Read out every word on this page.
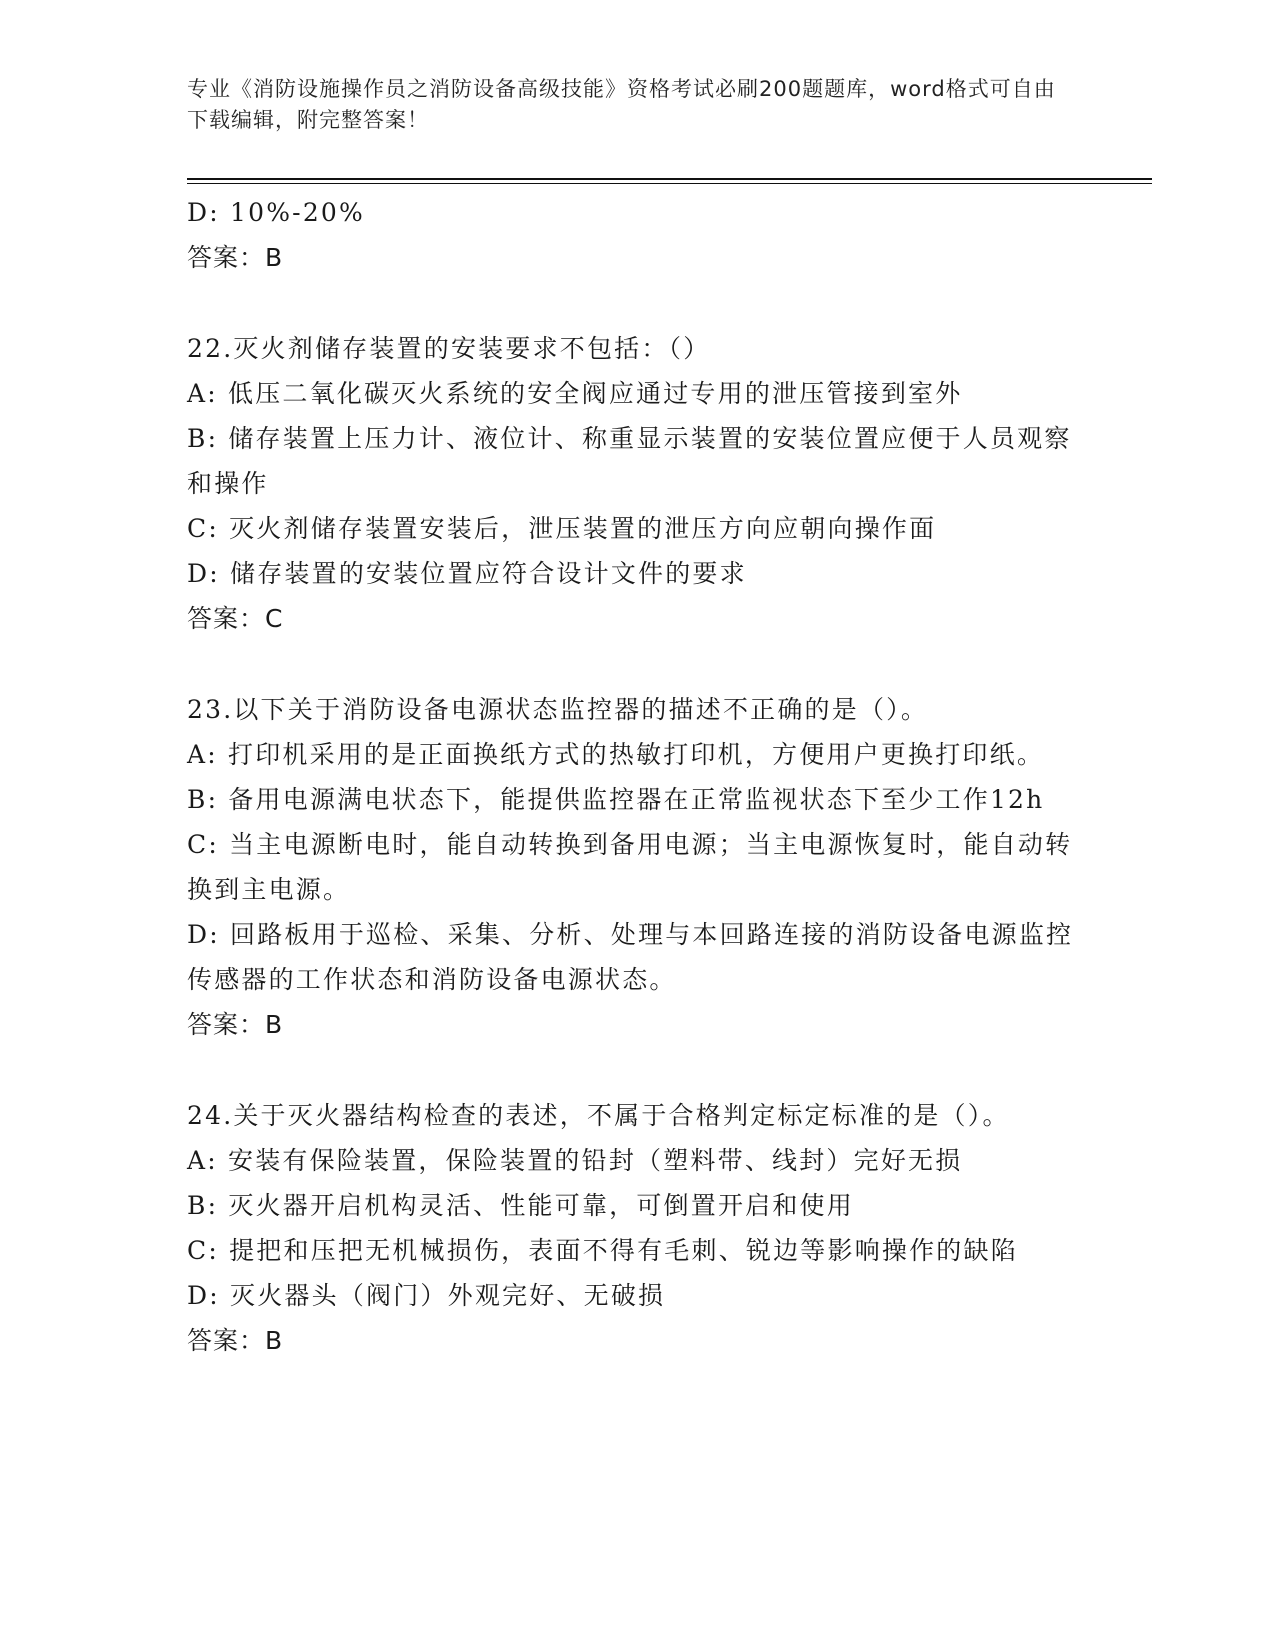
专业《消防设施操作员之消防设备高级技能》资格考试必刷200题题库，word格式可自由下载编辑，附完整答案！
D: 10%-20%
答案：B
22.灭火剂储存装置的安装要求不包括：（）
A: 低压二氧化碳灭火系统的安全阀应通过专用的泄压管接到室外
B: 储存装置上压力计、液位计、称重显示装置的安装位置应便于人员观察和操作
C: 灭火剂储存装置安装后，泄压装置的泄压方向应朝向操作面
D: 储存装置的安装位置应符合设计文件的要求
答案：C
23.以下关于消防设备电源状态监控器的描述不正确的是（）。
A: 打印机采用的是正面换纸方式的热敏打印机，方便用户更换打印纸。
B: 备用电源满电状态下，能提供监控器在正常监视状态下至少工作12h
C: 当主电源断电时，能自动转换到备用电源；当主电源恢复时，能自动转换到主电源。
D: 回路板用于巡检、采集、分析、处理与本回路连接的消防设备电源监控传感器的工作状态和消防设备电源状态。
答案：B
24.关于灭火器结构检查的表述，不属于合格判定标定标准的是（）。
A: 安装有保险装置，保险装置的铅封（塑料带、线封）完好无损
B: 灭火器开启机构灵活、性能可靠，可倒置开启和使用
C: 提把和压把无机械损伤，表面不得有毛刺、锐边等影响操作的缺陷
D: 灭火器头（阀门）外观完好、无破损
答案：B
